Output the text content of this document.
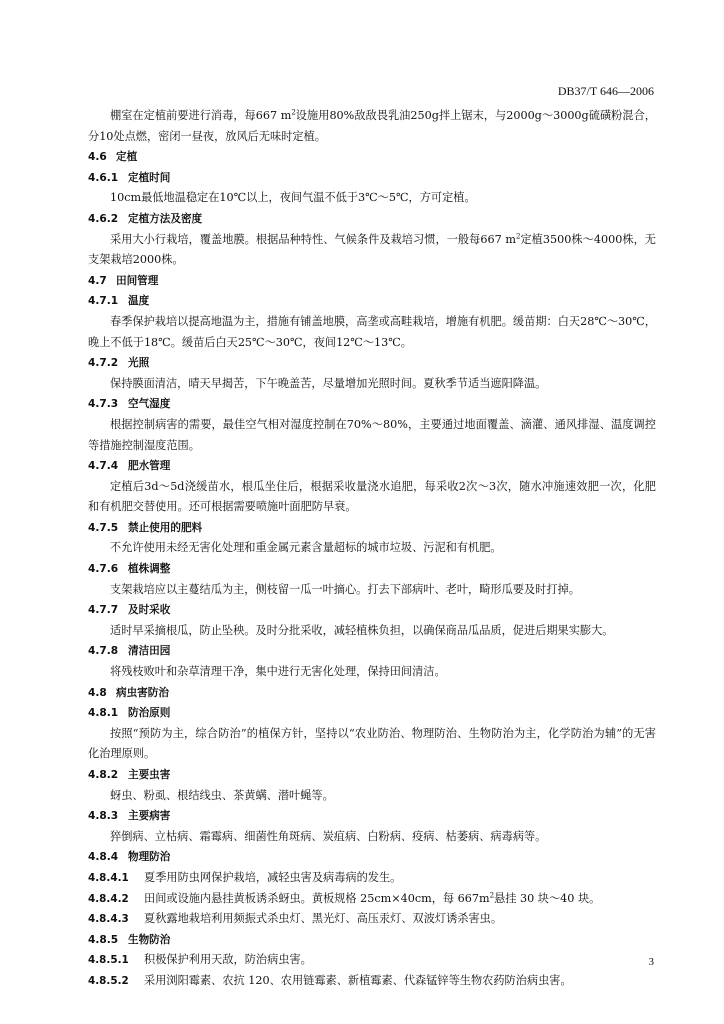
DB37/T 646—2006

棚室在定植前要进行消毒，每667 $m^2$设施用80%敌敌畏乳油250g拌上锯末，与2000g～3000g硫磺粉混合，分10处点燃，密闭一昼夜，放风后无味时定植。

4.6 定植

4.6.1 定植时间

10cm最低地温稳定在10℃以上，夜间气温不低于3℃～5℃，方可定植。

4.6.2 定植方法及密度

采用大小行栽培，覆盖地膜。根据品种特性、气候条件及栽培习惯，一般每667 $m^2$定植3500株～4000株，无支架栽培2000株。

4.7 田间管理

4.7.1 温度

春季保护栽培以提高地温为主，措施有铺盖地膜，高垄或高畦栽培，增施有机肥。缓苗期：白天28℃～30℃，晚上不低于18℃。缓苗后白天25℃～30℃，夜间12℃～13℃。

4.7.2 光照

保持膜面清洁，晴天早揭苦，下午晚盖苦，尽量增加光照时间。夏秋季节适当遮阳降温。

4.7.3 空气湿度

根据控制病害的需要，最佳空气相对湿度控制在70%～80%，主要通过地面覆盖、滴灌、通风排湿、温度调控等措施控制湿度范围。

4.7.4 肥水管理

定植后3d～5d浇缓苗水，根瓜坐住后，根据采收量浇水追肥，每采收2次～3次，随水冲施速效肥一次，化肥和有机肥交替使用。还可根据需要喷施叶面肥防早衰。

4.7.5 禁止使用的肥料

不允许使用未经无害化处理和重金属元素含量超标的城市垃圾、污泥和有机肥。

4.7.6 植株调整

支架栽培应以主蔓结瓜为主，侧枝留一瓜一叶摘心。打去下部病叶、老叶，畸形瓜要及时打掉。

4.7.7 及时采收

适时早采摘根瓜，防止坠秧。及时分批采收，减轻植株负担，以确保商品瓜品质，促进后期果实膨大。

4.7.8 清洁田园

将残枝败叶和杂草清理干净，集中进行无害化处理，保持田间清洁。

4.8 病虫害防治

4.8.1 防治原则

按照“预防为主，综合防治”的植保方针，坚持以“农业防治、物理防治、生物防治为主，化学防治为辅”的无害化治理原则。

4.8.2 主要虫害

蚜虫、粉虱、根结线虫、茶黄螨、潜叶蝇等。

4.8.3 主要病害

猝倒病、立枯病、霜霉病、细菌性角斑病、炭疽病、白粉病、疫病、枯萎病、病毒病等。

4.8.4 物理防治

4.8.4.1 夏季用防虫网保护栽培，减轻虫害及病毒病的发生。

4.8.4.2 田间或设施内悬挂黄板诱杀蚜虫。黄板规格 25cm×40cm，每 $667m^2$悬挂 30 块～40 块。

4.8.4.3 夏秋露地栽培利用频振式杀虫灯、黑光灯、高压汞灯、双波灯诱杀害虫。

4.8.5 生物防治

4.8.5.1 积极保护利用天敌，防治病虫害。

4.8.5.2 采用浏阳霉素、农抗 120、农用链霉素、新植霉素、代森锰锌等生物农药防治病虫害。

3
